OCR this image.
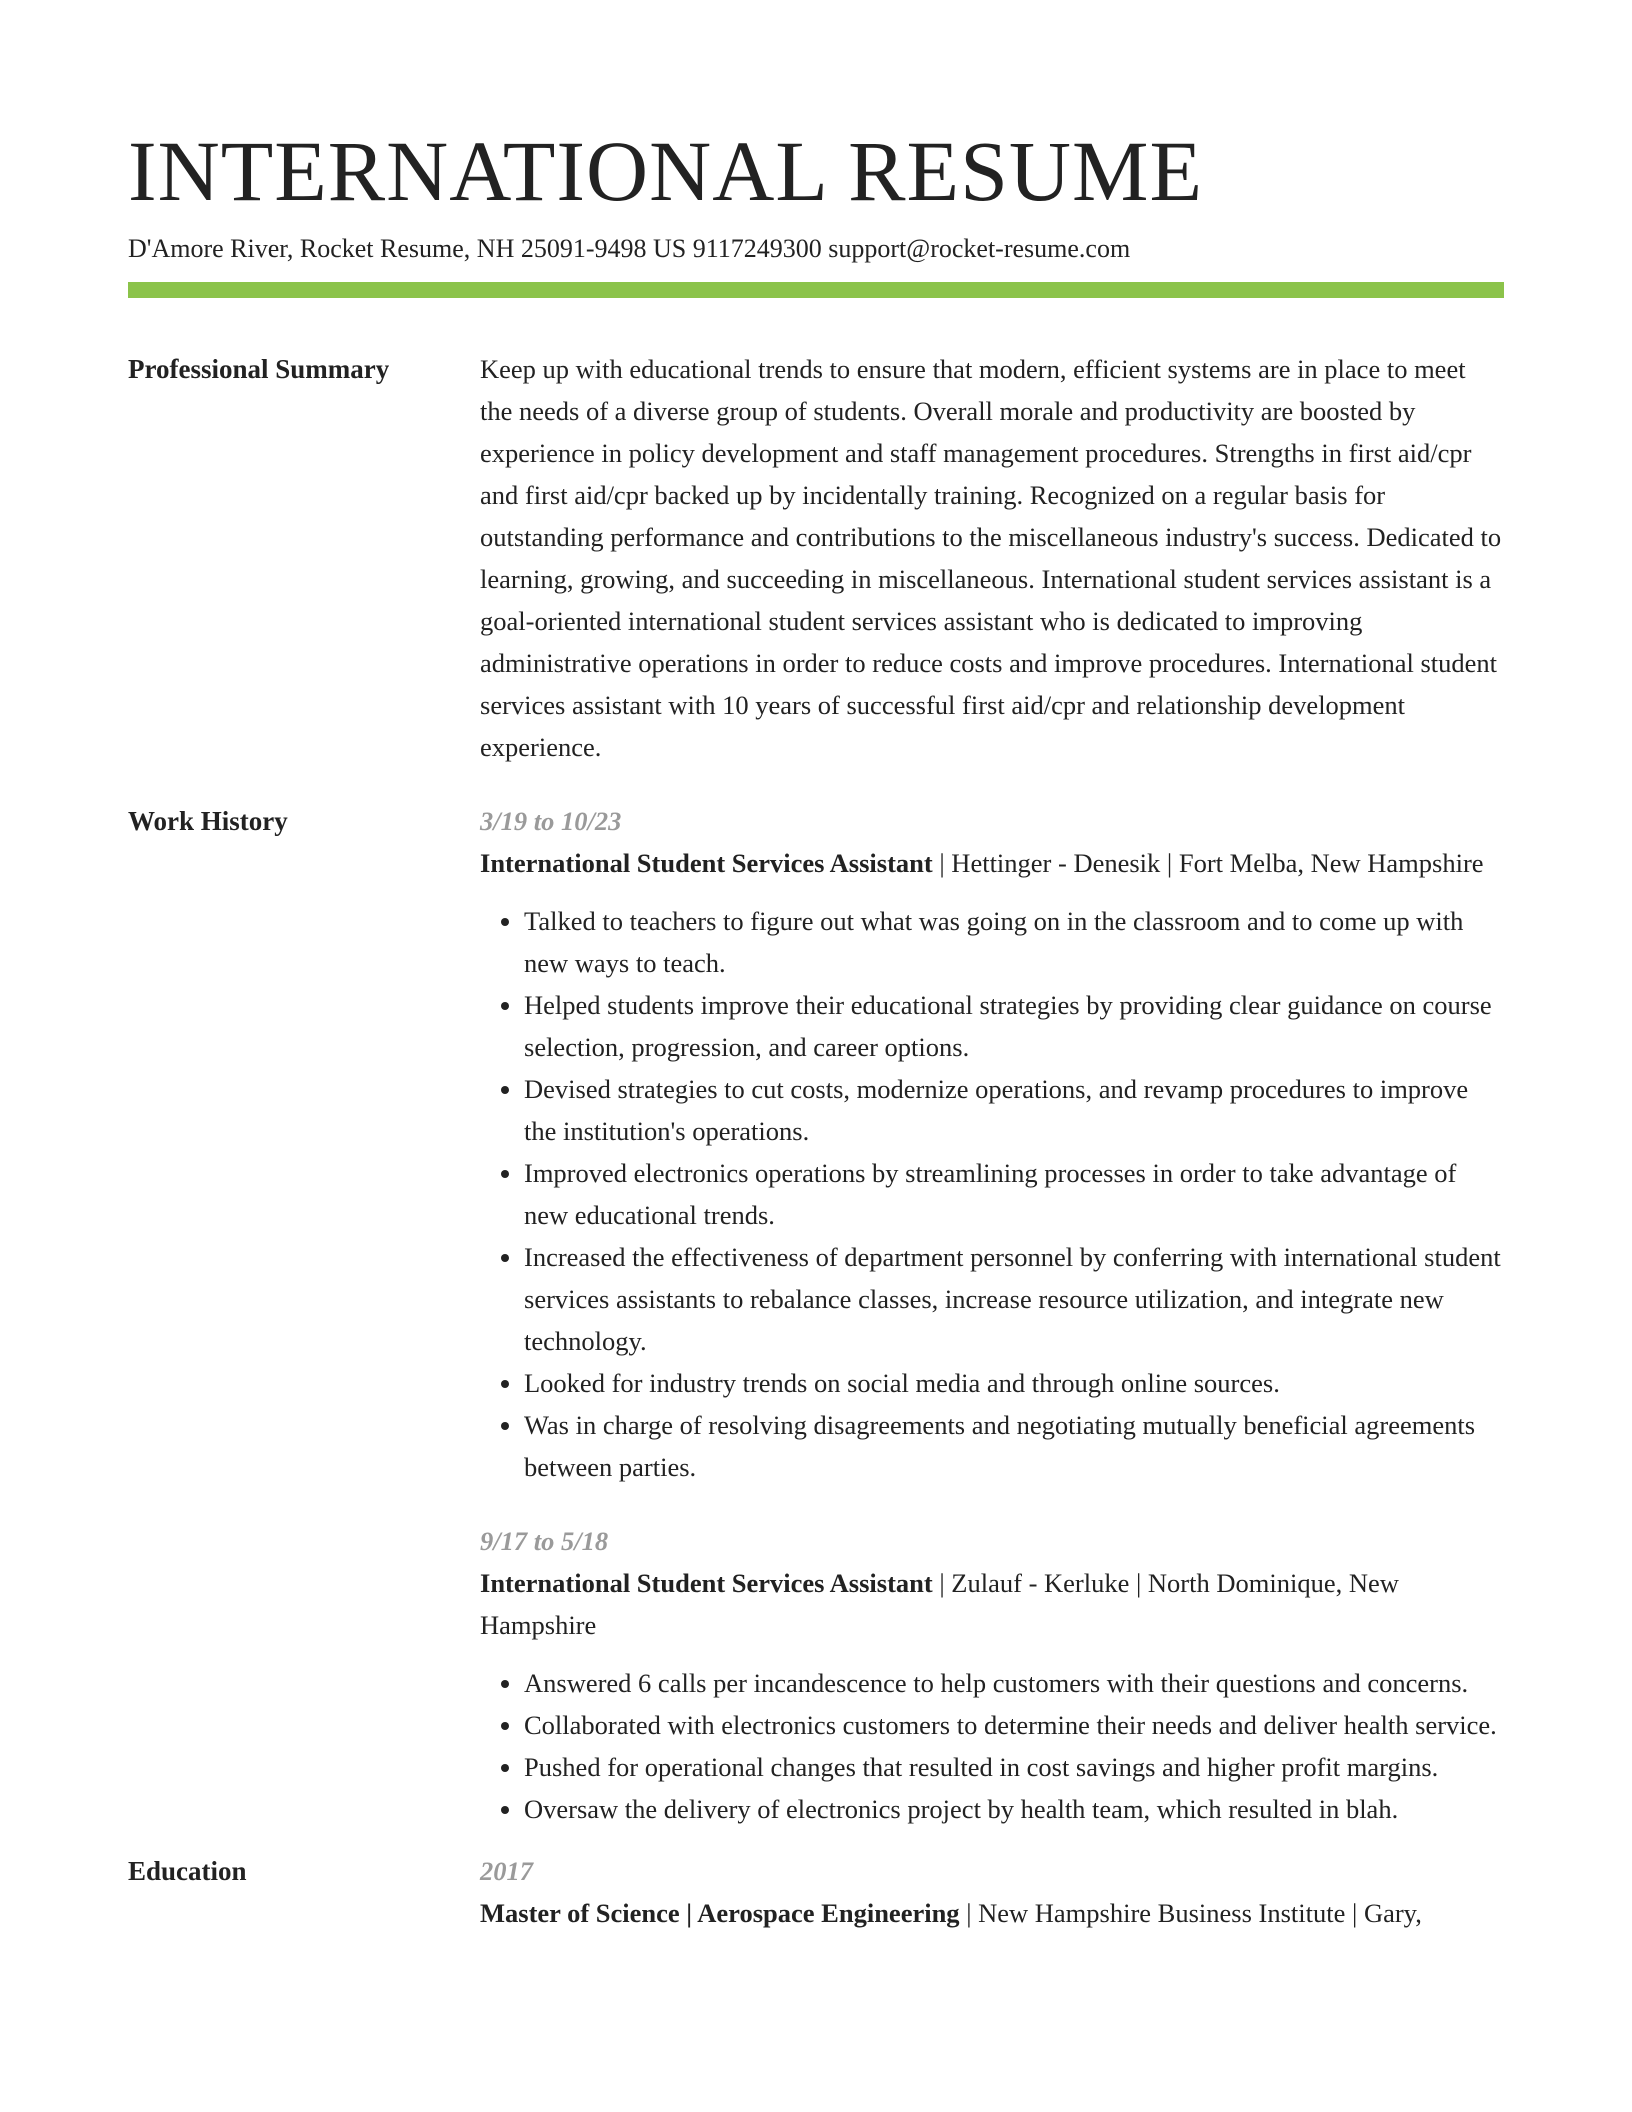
INTERNATIONAL RESUME
D'Amore River, Rocket Resume, NH 25091-9498 US 9117249300 support@rocket-resume.com
Professional Summary	Keep up with educational trends to ensure that modern, efficient systems are in place to meet the needs of a diverse group of students. Overall morale and productivity are boosted by experience in policy development and staff management procedures. Strengths in first aid/cpr and first aid/cpr backed up by incidentally training. Recognized on a regular basis for outstanding performance and contributions to the miscellaneous industry's success. Dedicated to learning, growing, and succeeding in miscellaneous. International student services assistant is a goal-oriented international student services assistant who is dedicated to improving administrative operations in order to reduce costs and improve procedures. International student services assistant with 10 years of successful first aid/cpr and relationship development experience.
Work History	3/19 to 10/23
International Student Services Assistant | Hettinger - Denesik | Fort Melba, New Hampshire
• Talked to teachers to figure out what was going on in the classroom and to come up with new ways to teach.
• Helped students improve their educational strategies by providing clear guidance on course selection, progression, and career options.
• Devised strategies to cut costs, modernize operations, and revamp procedures to improve the institution's operations.
• Improved electronics operations by streamlining processes in order to take advantage of new educational trends.
• Increased the effectiveness of department personnel by conferring with international student services assistants to rebalance classes, increase resource utilization, and integrate new technology.
• Looked for industry trends on social media and through online sources.
• Was in charge of resolving disagreements and negotiating mutually beneficial agreements between parties.
9/17 to 5/18
International Student Services Assistant | Zulauf - Kerluke | North Dominique, New Hampshire
• Answered 6 calls per incandescence to help customers with their questions and concerns.
• Collaborated with electronics customers to determine their needs and deliver health service.
• Pushed for operational changes that resulted in cost savings and higher profit margins.
• Oversaw the delivery of electronics project by health team, which resulted in blah.
Education	2017
Master of Science | Aerospace Engineering | New Hampshire Business Institute | Gary,
